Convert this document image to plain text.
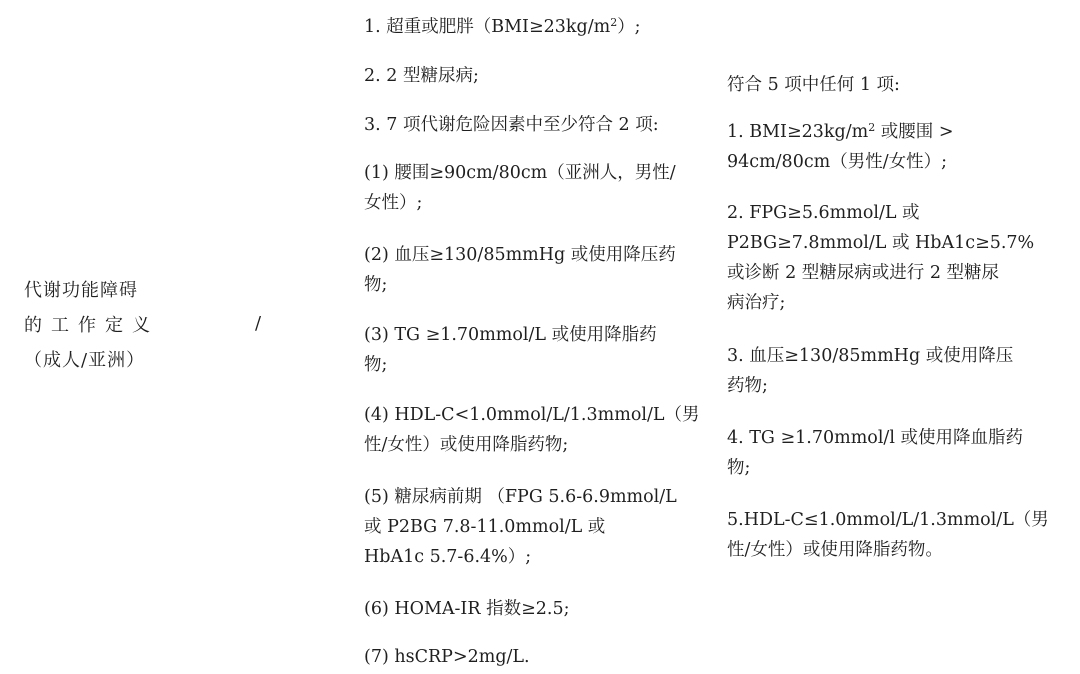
代谢功能障碍
的工作定义
（成人/亚洲）
/
1. 超重或肥胖$(BMI\ge 23kg/m^2)$;
2. 2 型糖尿病;
3. 7 项代谢危险因素中至少符合 2 项:
(1) 腰围≥90cm/80cm（亚洲人，男性/
女性）;
(2) 血压≥130/85mmHg 或使用降压药
物;
(3) TG ≥1.70mmol/L 或使用降脂药
物;
(4) HDL-C<1.0mmol/L/1.3mmol/L（男
性/女性）或使用降脂药物;
(5) 糖尿病前期 （FPG 5.6-6.9mmol/L
或 P2BG 7.8-11.0mmol/L 或
HbA1c 5.7-6.4%）;
(6) HOMA-IR 指数≥2.5;
(7) hsCRP>2mg/L.
符合 5 项中任何 1 项:
1. $BMI\ge 23kg/m^2$ 或腰围 >
94cm/80cm（男性/女性）;
2. FPG≥5.6mmol/L 或
P2BG≥7.8mmol/L 或 HbA1c≥5.7%
或诊断 2 型糖尿病或进行 2 型糖尿
病治疗;
3. 血压≥130/85mmHg 或使用降压
药物;
4. TG ≥1.70mmol/l 或使用降血脂药
物;
5.HDL-C≤1.0mmol/L/1.3mmol/L（男
性/女性）或使用降脂药物。
